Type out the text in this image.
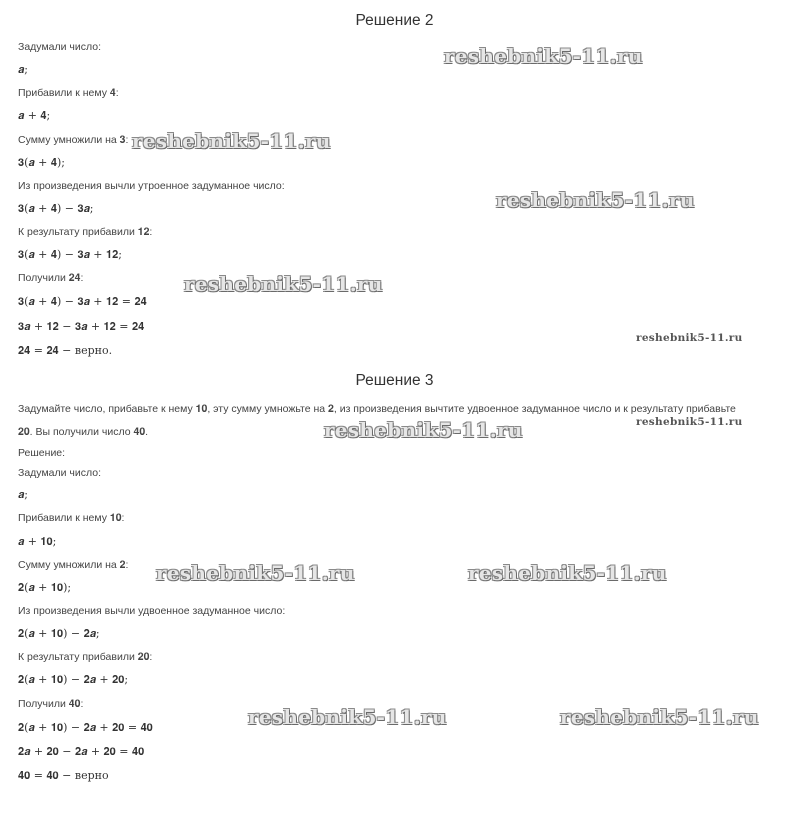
Решение 2
Задумали число:
𝒂;
Прибавили к нему 𝟒:
𝒂 + 𝟒;
Сумму умножили на 𝟑:
𝟑(𝒂 + 𝟒);
Из произведения вычли утроенное задуманное число:
𝟑(𝒂 + 𝟒) − 𝟑𝒂;
К результату прибавили 𝟏𝟐:
𝟑(𝒂 + 𝟒) − 𝟑𝒂 + 𝟏𝟐;
Получили 𝟐𝟒:
𝟑(𝒂 + 𝟒) − 𝟑𝒂 + 𝟏𝟐 = 𝟐𝟒
𝟑𝒂 + 𝟏𝟐 − 𝟑𝒂 + 𝟏𝟐 = 𝟐𝟒
𝟐𝟒 = 𝟐𝟒 − верно.
Решение 3
Задумайте число, прибавьте к нему 𝟏𝟎, эту сумму умножьте на 𝟐, из произведения вычтите удвоенное задуманное число и к результату прибавьте
𝟐𝟎. Вы получили число 𝟒𝟎.
Решение:
Задумали число:
𝒂;
Прибавили к нему 𝟏𝟎:
𝒂 + 𝟏𝟎;
Сумму умножили на 𝟐:
𝟐(𝒂 + 𝟏𝟎);
Из произведения вычли удвоенное задуманное число:
𝟐(𝒂 + 𝟏𝟎) − 𝟐𝒂;
К результату прибавили 𝟐𝟎:
𝟐(𝒂 + 𝟏𝟎) − 𝟐𝒂 + 𝟐𝟎;
Получили 𝟒𝟎:
𝟐(𝒂 + 𝟏𝟎) − 𝟐𝒂 + 𝟐𝟎 = 𝟒𝟎
𝟐𝒂 + 𝟐𝟎 − 𝟐𝒂 + 𝟐𝟎 = 𝟒𝟎
𝟒𝟎 = 𝟒𝟎 − верно
reshebnik5-11.ru
reshebnik5-11.ru
reshebnik5-11.ru
reshebnik5-11.ru
reshebnik5-11.ru
reshebnik5-11.ru
reshebnik5-11.ru
reshebnik5-11.ru	reshebnik5-11.ru
reshebnik5-11.ru	reshebnik5-11.ru
